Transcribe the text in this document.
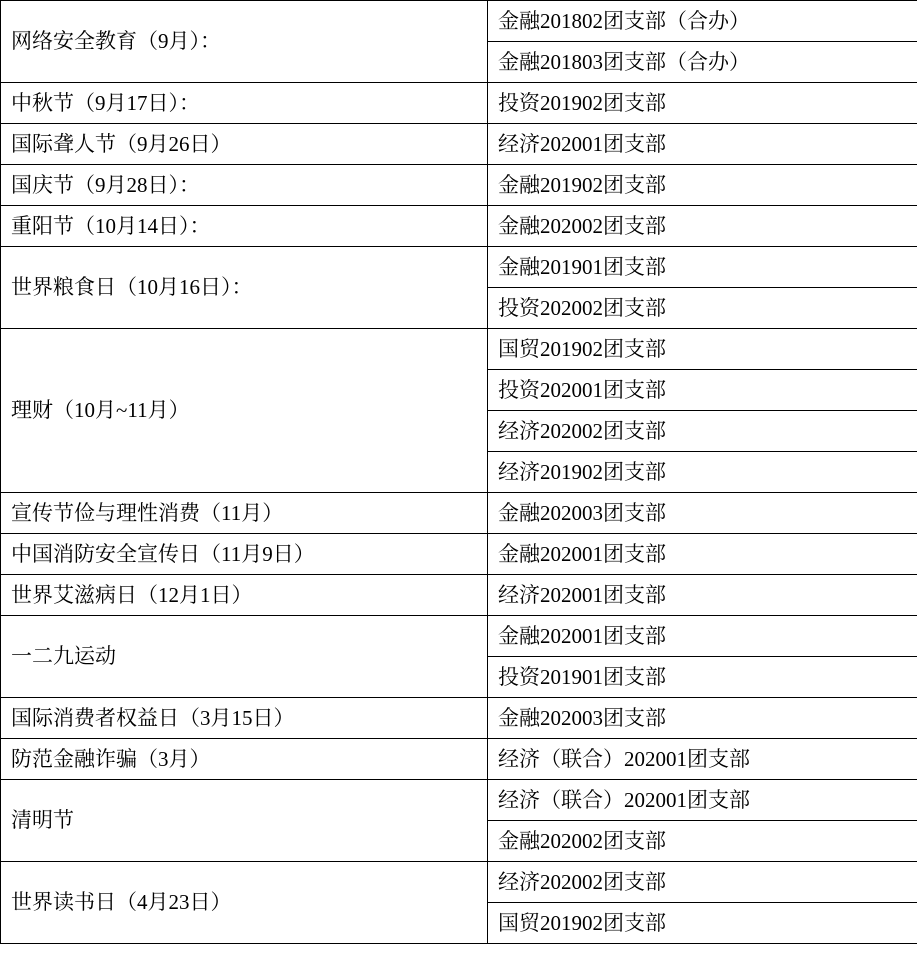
网络安全教育（9月）：	金融201802团支部（合办）
	金融201803团支部（合办）
中秋节（9月17日）：	投资201902团支部
国际聋人节（9月26日）	经济202001团支部
国庆节（9月28日）：	金融201902团支部
重阳节（10月14日）：	金融202002团支部
世界粮食日（10月16日）：	金融201901团支部
	投资202002团支部
理财（10月~11月）	国贸201902团支部
	投资202001团支部
	经济202002团支部
	经济201902团支部
宣传节俭与理性消费（11月）	金融202003团支部
中国消防安全宣传日（11月9日）	金融202001团支部
世界艾滋病日（12月1日）	经济202001团支部
一二九运动	金融202001团支部
	投资201901团支部
国际消费者权益日（3月15日）	金融202003团支部
防范金融诈骗（3月）	经济（联合）202001团支部
清明节	经济（联合）202001团支部
	金融202002团支部
世界读书日（4月23日）	经济202002团支部
	国贸201902团支部
